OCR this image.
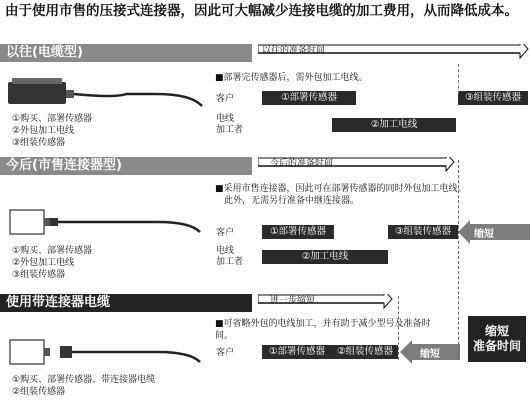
由于使用市售的压接式连接器，因此可大幅减少连接电缆的加工费用，从而降低成本。
以往(电缆型)	以往的准备时间
①购买、部署传感器
②外包加工电线
③组装传感器
■部署完传感器后，需外包加工电线。
客户	①部署传感器	③组装传感器
电线
加工者	②加工电线
今后(市售连接器型)	今后的准备时间
①购买、部署传感器
②外包加工电线
③组装传感器
■采用市售连接器，因此可在部署传感器的同时外包加工电线。
　此外，无需另行准备中继连接器。
客户	①部署传感器	③组装传感器
电线
加工者	②加工电线
缩短
使用带连接器电缆	进一步缩短
①购买、部署传感器、带连接器电缆
②组装传感器
■可省略外包的电线加工，并有助于减少型号及准备时间。
客户	①部署传感器	②组装传感器	缩短
缩短
准备时间
